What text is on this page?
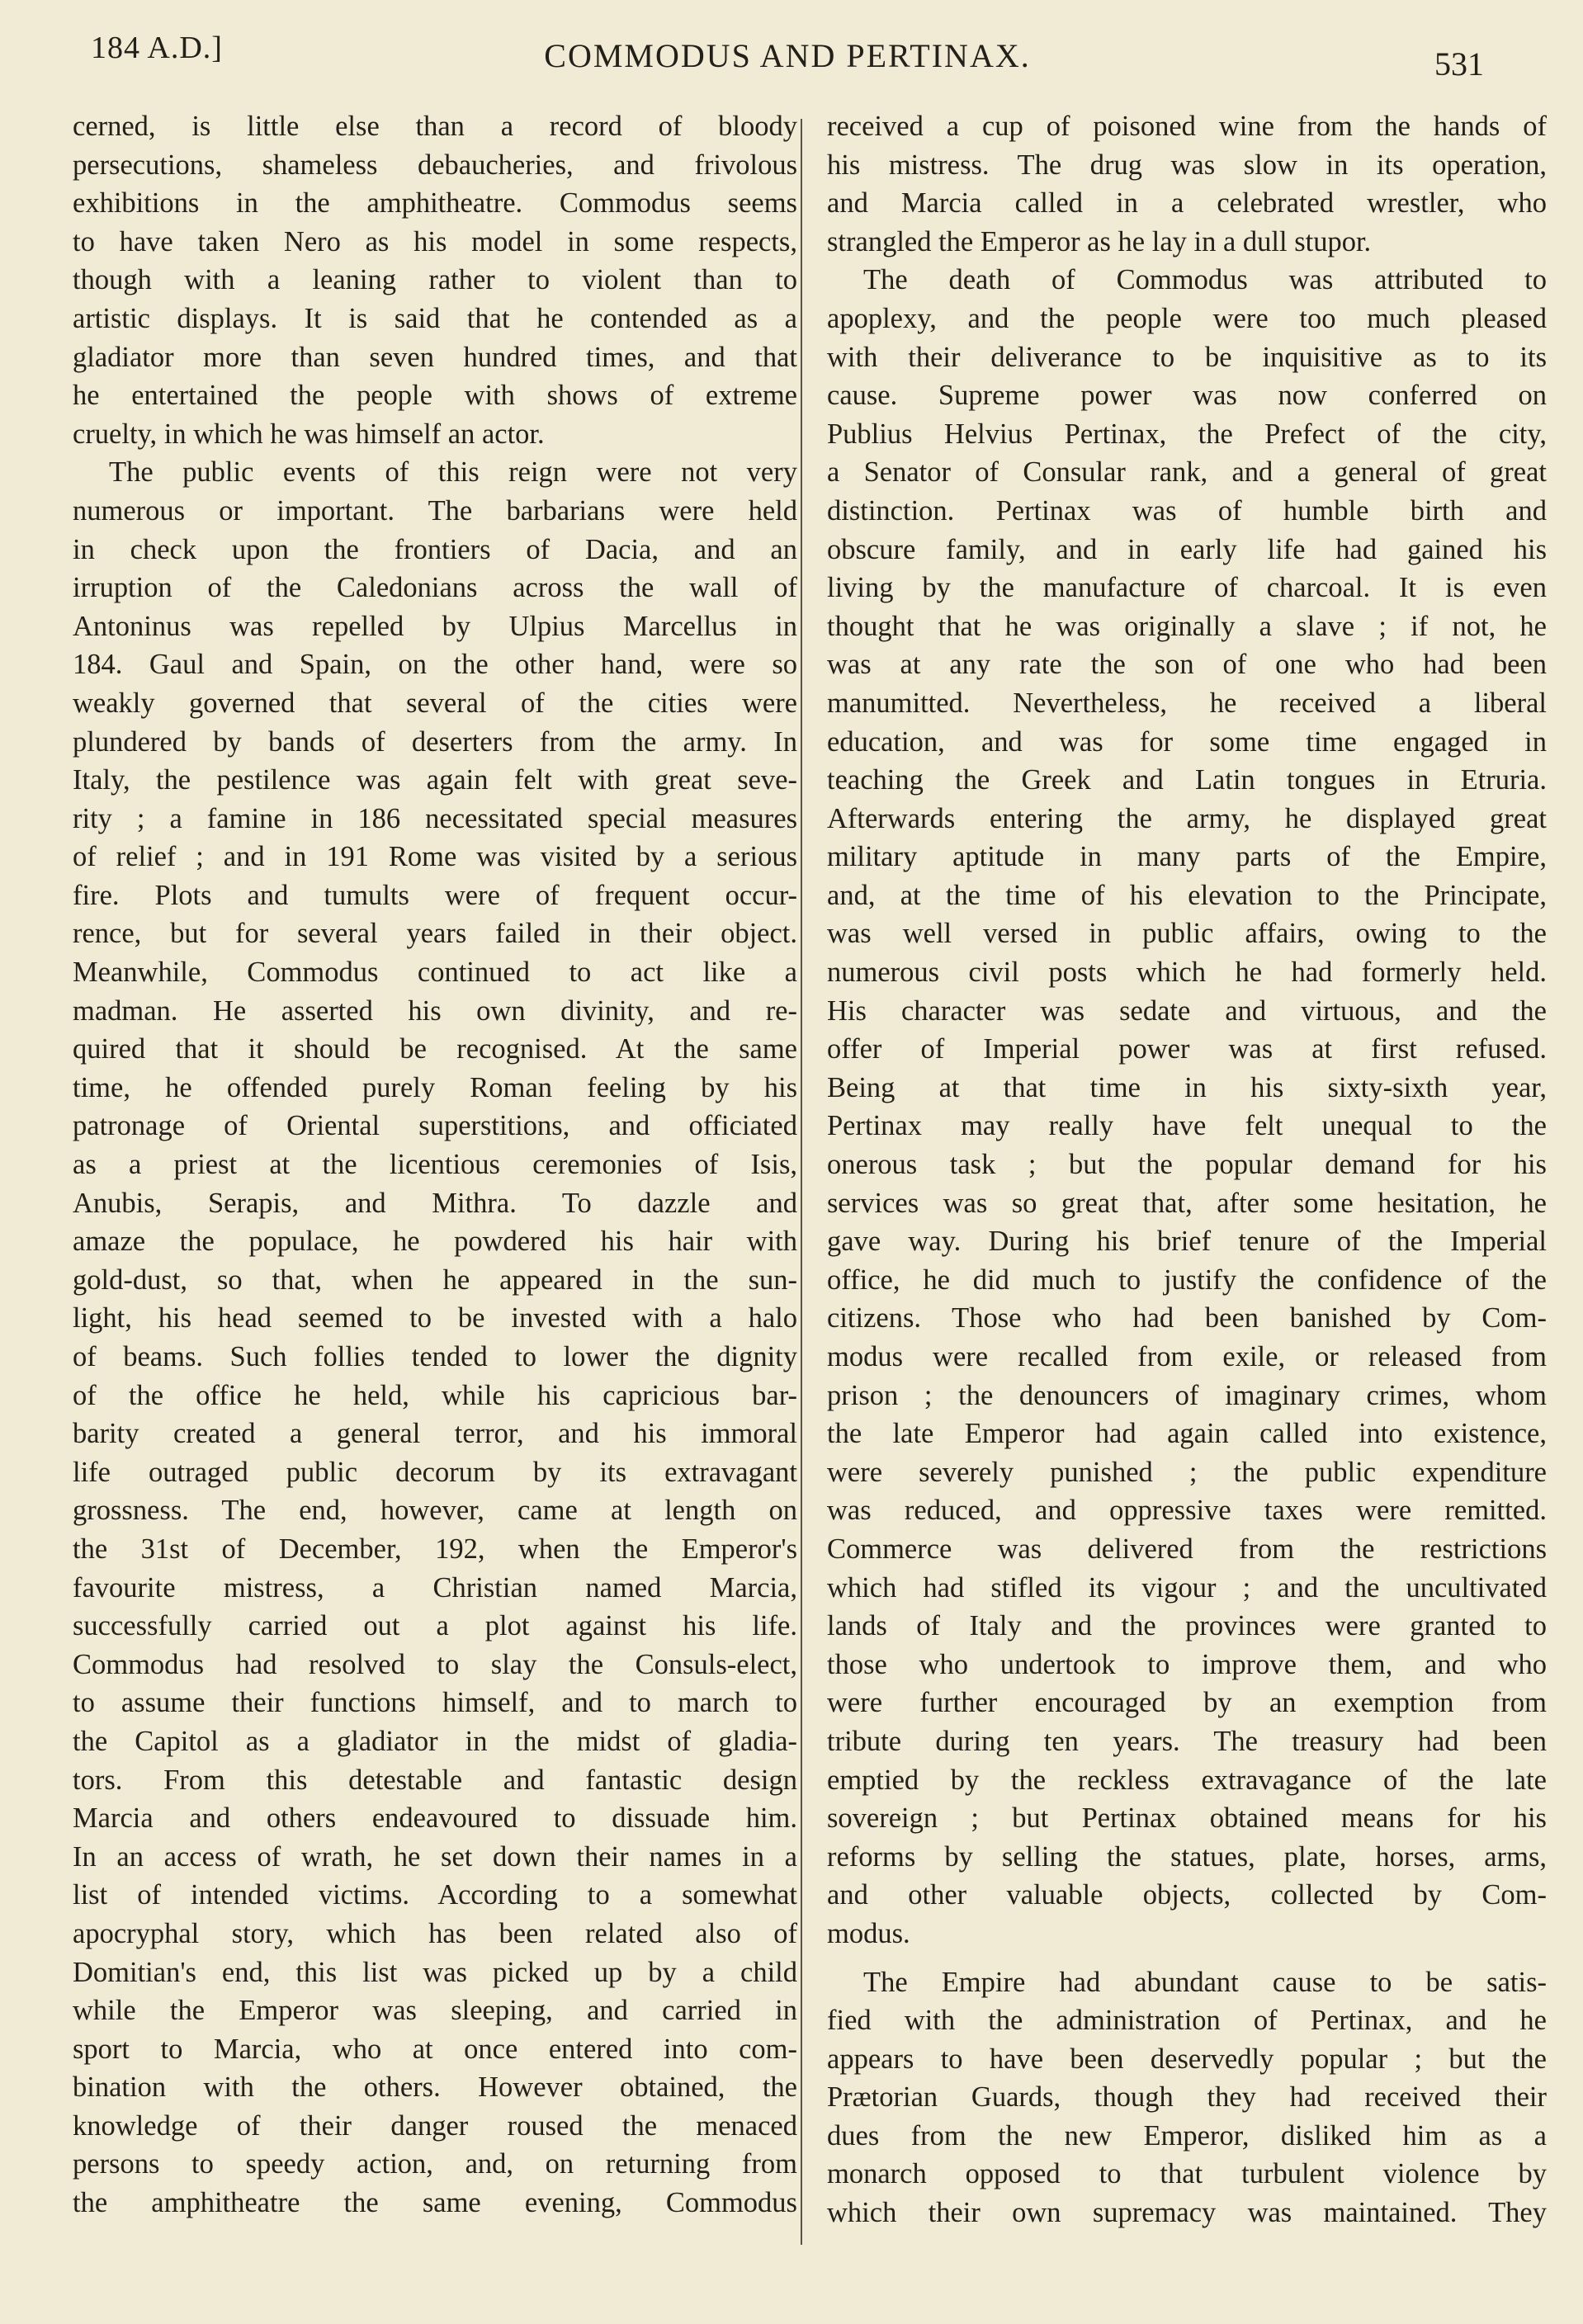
184 A.D.]	COMMODUS AND PERTINAX.	531
cerned, is little else than a record of bloody
persecutions, shameless debaucheries, and frivolous
exhibitions in the amphitheatre. Commodus seems
to have taken Nero as his model in some respects,
though with a leaning rather to violent than to
artistic displays. It is said that he contended as a
gladiator more than seven hundred times, and that
he entertained the people with shows of extreme
cruelty, in which he was himself an actor.
The public events of this reign were not very
numerous or important. The barbarians were held
in check upon the frontiers of Dacia, and an
irruption of the Caledonians across the wall of
Antoninus was repelled by Ulpius Marcellus in
184. Gaul and Spain, on the other hand, were so
weakly governed that several of the cities were
plundered by bands of deserters from the army. In
Italy, the pestilence was again felt with great seve-
rity ; a famine in 186 necessitated special measures
of relief ; and in 191 Rome was visited by a serious
fire. Plots and tumults were of frequent occur-
rence, but for several years failed in their object.
Meanwhile, Commodus continued to act like a
madman. He asserted his own divinity, and re-
quired that it should be recognised. At the same
time, he offended purely Roman feeling by his
patronage of Oriental superstitions, and officiated
as a priest at the licentious ceremonies of Isis,
Anubis, Serapis, and Mithra. To dazzle and
amaze the populace, he powdered his hair with
gold-dust, so that, when he appeared in the sun-
light, his head seemed to be invested with a halo
of beams. Such follies tended to lower the dignity
of the office he held, while his capricious bar-
barity created a general terror, and his immoral
life outraged public decorum by its extravagant
grossness. The end, however, came at length on
the 31st of December, 192, when the Emperor's
favourite mistress, a Christian named Marcia,
successfully carried out a plot against his life.
Commodus had resolved to slay the Consuls-elect,
to assume their functions himself, and to march to
the Capitol as a gladiator in the midst of gladia-
tors. From this detestable and fantastic design
Marcia and others endeavoured to dissuade him.
In an access of wrath, he set down their names in a
list of intended victims. According to a somewhat
apocryphal story, which has been related also of
Domitian's end, this list was picked up by a child
while the Emperor was sleeping, and carried in
sport to Marcia, who at once entered into com-
bination with the others. However obtained, the
knowledge of their danger roused the menaced
persons to speedy action, and, on returning from
the amphitheatre the same evening, Commodus
received a cup of poisoned wine from the hands of
his mistress. The drug was slow in its operation,
and Marcia called in a celebrated wrestler, who
strangled the Emperor as he lay in a dull stupor.
The death of Commodus was attributed to
apoplexy, and the people were too much pleased
with their deliverance to be inquisitive as to its
cause. Supreme power was now conferred on
Publius Helvius Pertinax, the Prefect of the city,
a Senator of Consular rank, and a general of great
distinction. Pertinax was of humble birth and
obscure family, and in early life had gained his
living by the manufacture of charcoal. It is even
thought that he was originally a slave ; if not, he
was at any rate the son of one who had been
manumitted. Nevertheless, he received a liberal
education, and was for some time engaged in
teaching the Greek and Latin tongues in Etruria.
Afterwards entering the army, he displayed great
military aptitude in many parts of the Empire,
and, at the time of his elevation to the Principate,
was well versed in public affairs, owing to the
numerous civil posts which he had formerly held.
His character was sedate and virtuous, and the
offer of Imperial power was at first refused.
Being at that time in his sixty-sixth year,
Pertinax may really have felt unequal to the
onerous task ; but the popular demand for his
services was so great that, after some hesitation, he
gave way. During his brief tenure of the Imperial
office, he did much to justify the confidence of the
citizens. Those who had been banished by Com-
modus were recalled from exile, or released from
prison ; the denouncers of imaginary crimes, whom
the late Emperor had again called into existence,
were severely punished ; the public expenditure
was reduced, and oppressive taxes were remitted.
Commerce was delivered from the restrictions
which had stifled its vigour ; and the uncultivated
lands of Italy and the provinces were granted to
those who undertook to improve them, and who
were further encouraged by an exemption from
tribute during ten years. The treasury had been
emptied by the reckless extravagance of the late
sovereign ; but Pertinax obtained means for his
reforms by selling the statues, plate, horses, arms,
and other valuable objects, collected by Com-
modus.
The Empire had abundant cause to be satis-
fied with the administration of Pertinax, and he
appears to have been deservedly popular ; but the
Prætorian Guards, though they had received their
dues from the new Emperor, disliked him as a
monarch opposed to that turbulent violence by
which their own supremacy was maintained. They
